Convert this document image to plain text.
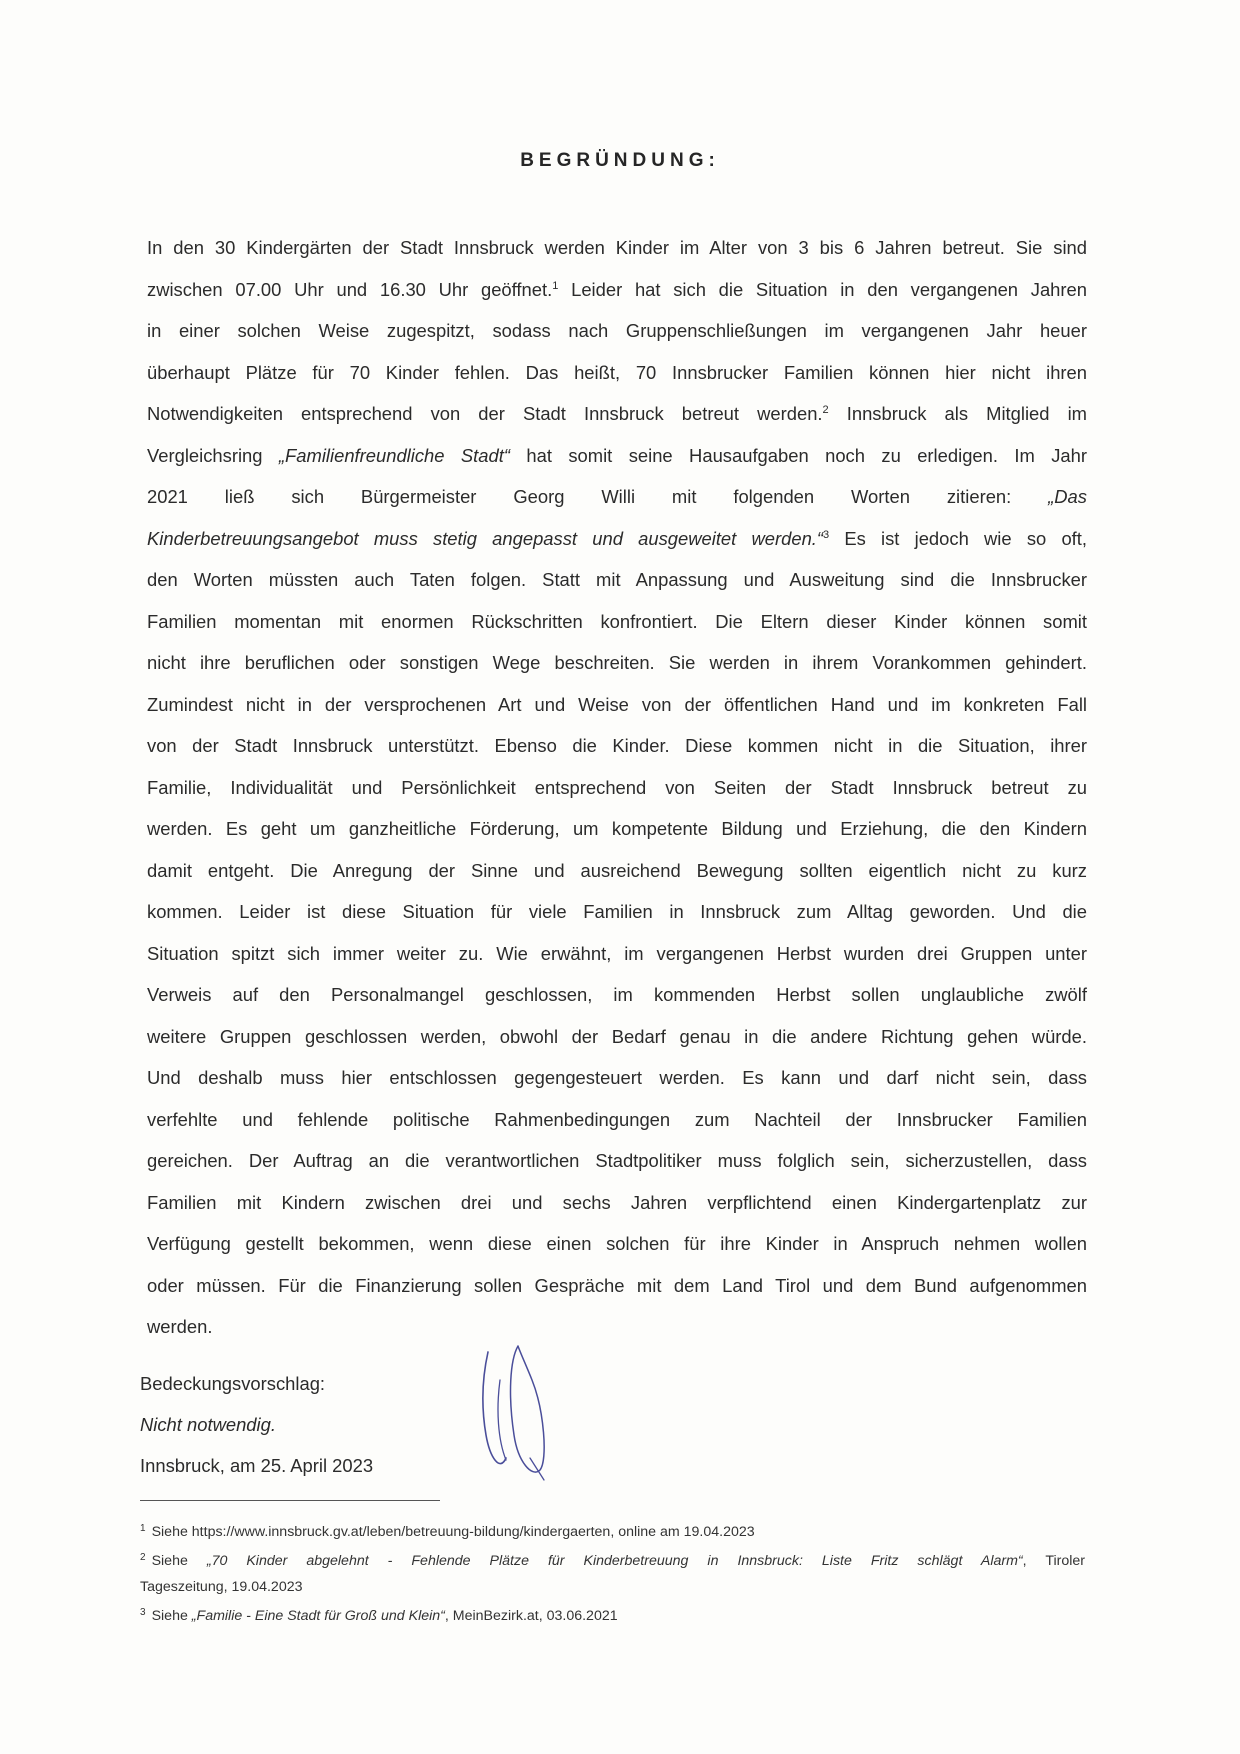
BEGRÜNDUNG:
In den 30 Kindergärten der Stadt Innsbruck werden Kinder im Alter von 3 bis 6 Jahren betreut. Sie sind
zwischen 07.00 Uhr und 16.30 Uhr geöffnet.$^1$ Leider hat sich die Situation in den vergangenen Jahren
in einer solchen Weise zugespitzt, sodass nach Gruppenschließungen im vergangenen Jahr heuer
überhaupt Plätze für 70 Kinder fehlen. Das heißt, 70 Innsbrucker Familien können hier nicht ihren
Notwendigkeiten entsprechend von der Stadt Innsbruck betreut werden.$^2$ Innsbruck als Mitglied im
Vergleichsring „Familienfreundliche Stadt“ hat somit seine Hausaufgaben noch zu erledigen. Im Jahr
2021 ließ sich Bürgermeister Georg Willi mit folgenden Worten zitieren: „Das
Kinderbetreuungsangebot muss stetig angepasst und ausgeweitet werden.“$^3$ Es ist jedoch wie so oft,
den Worten müssten auch Taten folgen. Statt mit Anpassung und Ausweitung sind die Innsbrucker
Familien momentan mit enormen Rückschritten konfrontiert. Die Eltern dieser Kinder können somit
nicht ihre beruflichen oder sonstigen Wege beschreiten. Sie werden in ihrem Vorankommen gehindert.
Zumindest nicht in der versprochenen Art und Weise von der öffentlichen Hand und im konkreten Fall
von der Stadt Innsbruck unterstützt. Ebenso die Kinder. Diese kommen nicht in die Situation, ihrer
Familie, Individualität und Persönlichkeit entsprechend von Seiten der Stadt Innsbruck betreut zu
werden. Es geht um ganzheitliche Förderung, um kompetente Bildung und Erziehung, die den Kindern
damit entgeht. Die Anregung der Sinne und ausreichend Bewegung sollten eigentlich nicht zu kurz
kommen. Leider ist diese Situation für viele Familien in Innsbruck zum Alltag geworden. Und die
Situation spitzt sich immer weiter zu. Wie erwähnt, im vergangenen Herbst wurden drei Gruppen unter
Verweis auf den Personalmangel geschlossen, im kommenden Herbst sollen unglaubliche zwölf
weitere Gruppen geschlossen werden, obwohl der Bedarf genau in die andere Richtung gehen würde.
Und deshalb muss hier entschlossen gegengesteuert werden. Es kann und darf nicht sein, dass
verfehlte und fehlende politische Rahmenbedingungen zum Nachteil der Innsbrucker Familien
gereichen. Der Auftrag an die verantwortlichen Stadtpolitiker muss folglich sein, sicherzustellen, dass
Familien mit Kindern zwischen drei und sechs Jahren verpflichtend einen Kindergartenplatz zur
Verfügung gestellt bekommen, wenn diese einen solchen für ihre Kinder in Anspruch nehmen wollen
oder müssen. Für die Finanzierung sollen Gespräche mit dem Land Tirol und dem Bund aufgenommen
werden.
Bedeckungsvorschlag:
Nicht notwendig.
Innsbruck, am 25. April 2023
$^1$ Siehe https://www.innsbruck.gv.at/leben/betreuung-bildung/kindergaerten, online am 19.04.2023
$^2$ Siehe „70 Kinder abgelehnt - Fehlende Plätze für Kinderbetreuung in Innsbruck: Liste Fritz schlägt Alarm“, Tiroler
Tageszeitung, 19.04.2023
$^3$ Siehe „Familie - Eine Stadt für Groß und Klein“, MeinBezirk.at, 03.06.2021
